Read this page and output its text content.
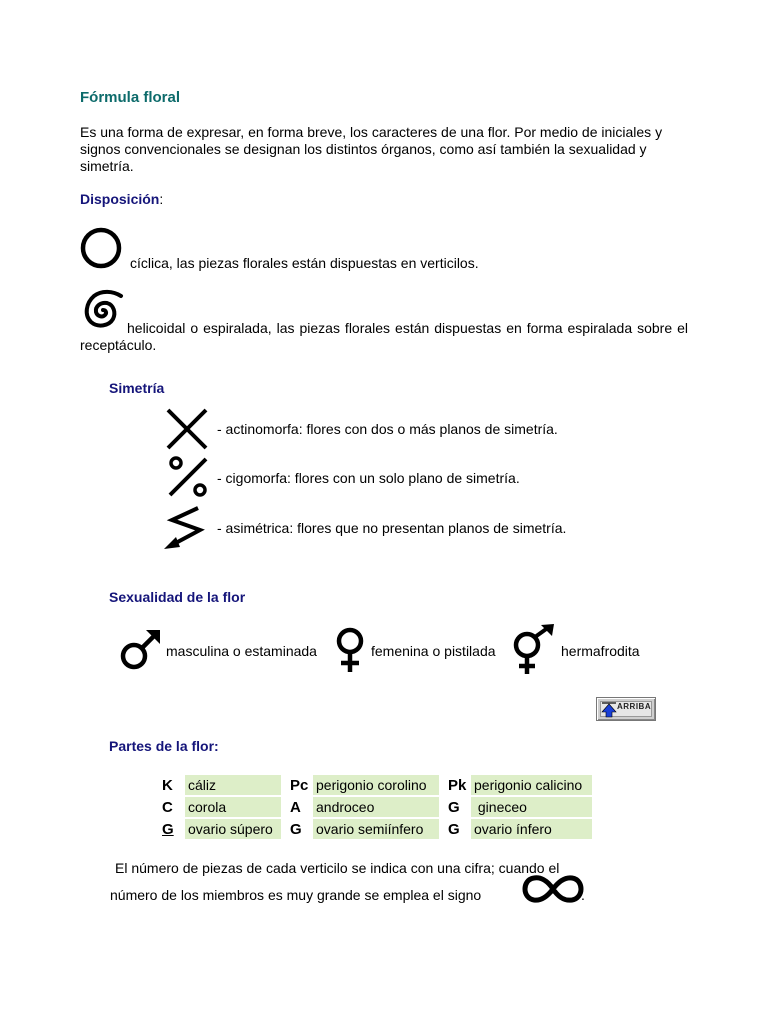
Fórmula floral
Es una forma de expresar, en forma breve, los caracteres de una flor. Por medio de iniciales y signos convencionales se designan los distintos órganos, como así también la sexualidad y simetría.
Disposición:
cíclica, las piezas florales están dispuestas en verticilos.
helicoidal o espiralada, las piezas florales están dispuestas en forma espiralada sobre el receptáculo.
Simetría
- actinomorfa: flores con dos o más planos de simetría.
- cigomorfa: flores con un solo plano de simetría.
- asimétrica: flores que no presentan planos de simetría.
Sexualidad de la flor
masculina o estaminada	femenina o pistilada	hermafrodita
ARRIBA
Partes de la flor:
K	cáliz		Pc	perigonio corolino		Pk	perigonio calicino
C	corola		A	androceo		G	gineceo
G	ovario súpero		G	ovario semiínfero		G	ovario ínfero
El número de piezas de cada verticilo se indica con una cifra; cuando el
número de los miembros es muy grande se emplea el signo	.
